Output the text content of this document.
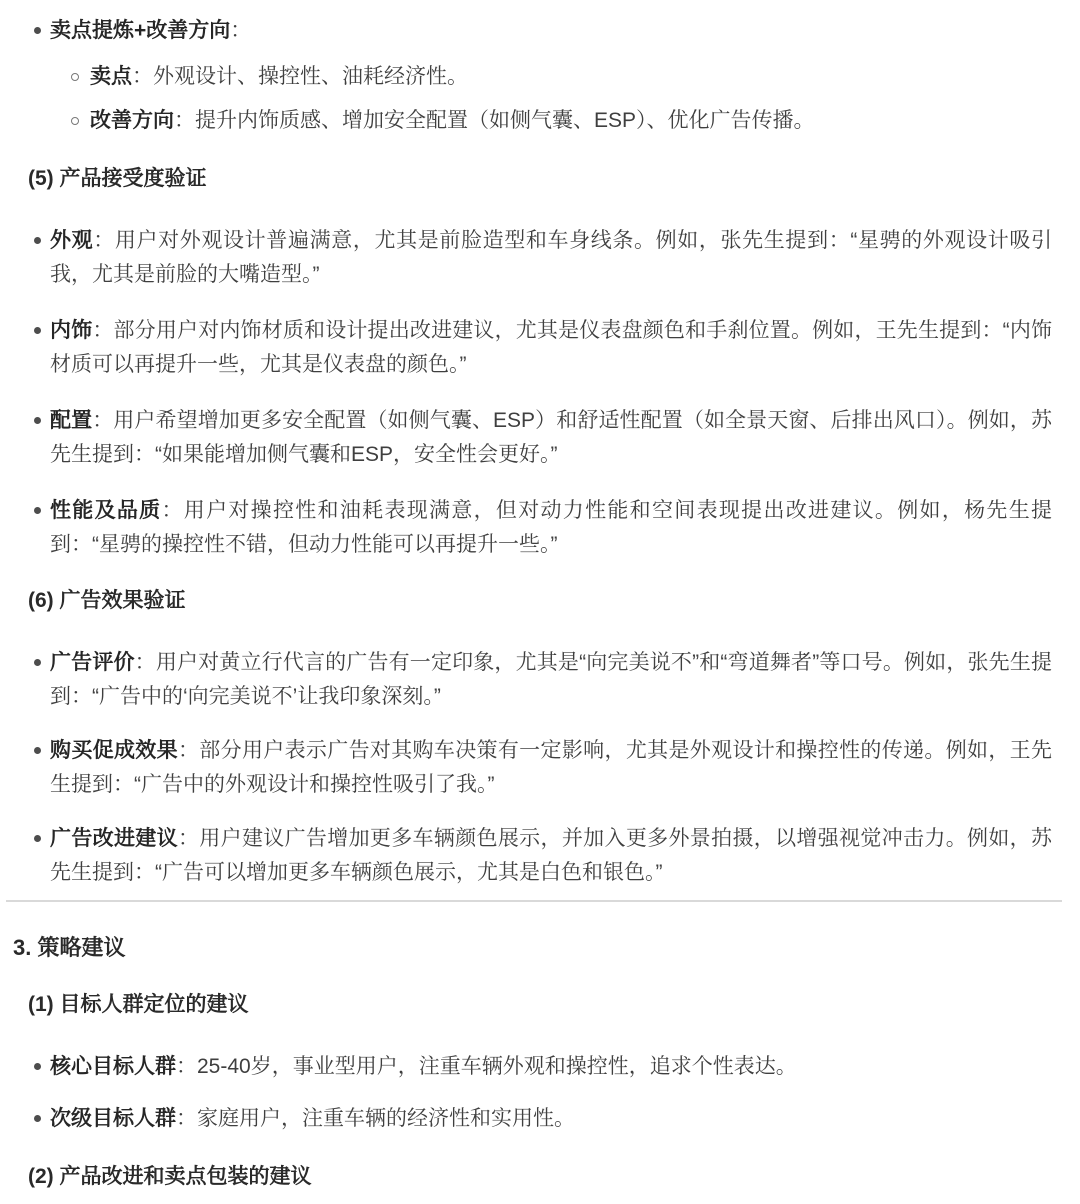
卖点提炼+改善方向：
卖点：外观设计、操控性、油耗经济性。
改善方向：提升内饰质感、增加安全配置（如侧气囊、ESP）、优化广告传播。
(5) 产品接受度验证
外观：用户对外观设计普遍满意，尤其是前脸造型和车身线条。例如，张先生提到：“星骋的外观设计吸引我，尤其是前脸的大嘴造型。”
内饰：部分用户对内饰材质和设计提出改进建议，尤其是仪表盘颜色和手刹位置。例如，王先生提到：“内饰材质可以再提升一些，尤其是仪表盘的颜色。”
配置：用户希望增加更多安全配置（如侧气囊、ESP）和舒适性配置（如全景天窗、后排出风口）。例如，苏先生提到：“如果能增加侧气囊和ESP，安全性会更好。”
性能及品质：用户对操控性和油耗表现满意，但对动力性能和空间表现提出改进建议。例如，杨先生提到：“星骋的操控性不错，但动力性能可以再提升一些。”
(6) 广告效果验证
广告评价：用户对黄立行代言的广告有一定印象，尤其是“向完美说不”和“弯道舞者”等口号。例如，张先生提到：“广告中的‘向完美说不’让我印象深刻。”
购买促成效果：部分用户表示广告对其购车决策有一定影响，尤其是外观设计和操控性的传递。例如，王先生提到：“广告中的外观设计和操控性吸引了我。”
广告改进建议：用户建议广告增加更多车辆颜色展示，并加入更多外景拍摄，以增强视觉冲击力。例如，苏先生提到：“广告可以增加更多车辆颜色展示，尤其是白色和银色。”
3. 策略建议
(1) 目标人群定位的建议
核心目标人群：25-40岁，事业型用户，注重车辆外观和操控性，追求个性表达。
次级目标人群：家庭用户，注重车辆的经济性和实用性。
(2) 产品改进和卖点包装的建议
